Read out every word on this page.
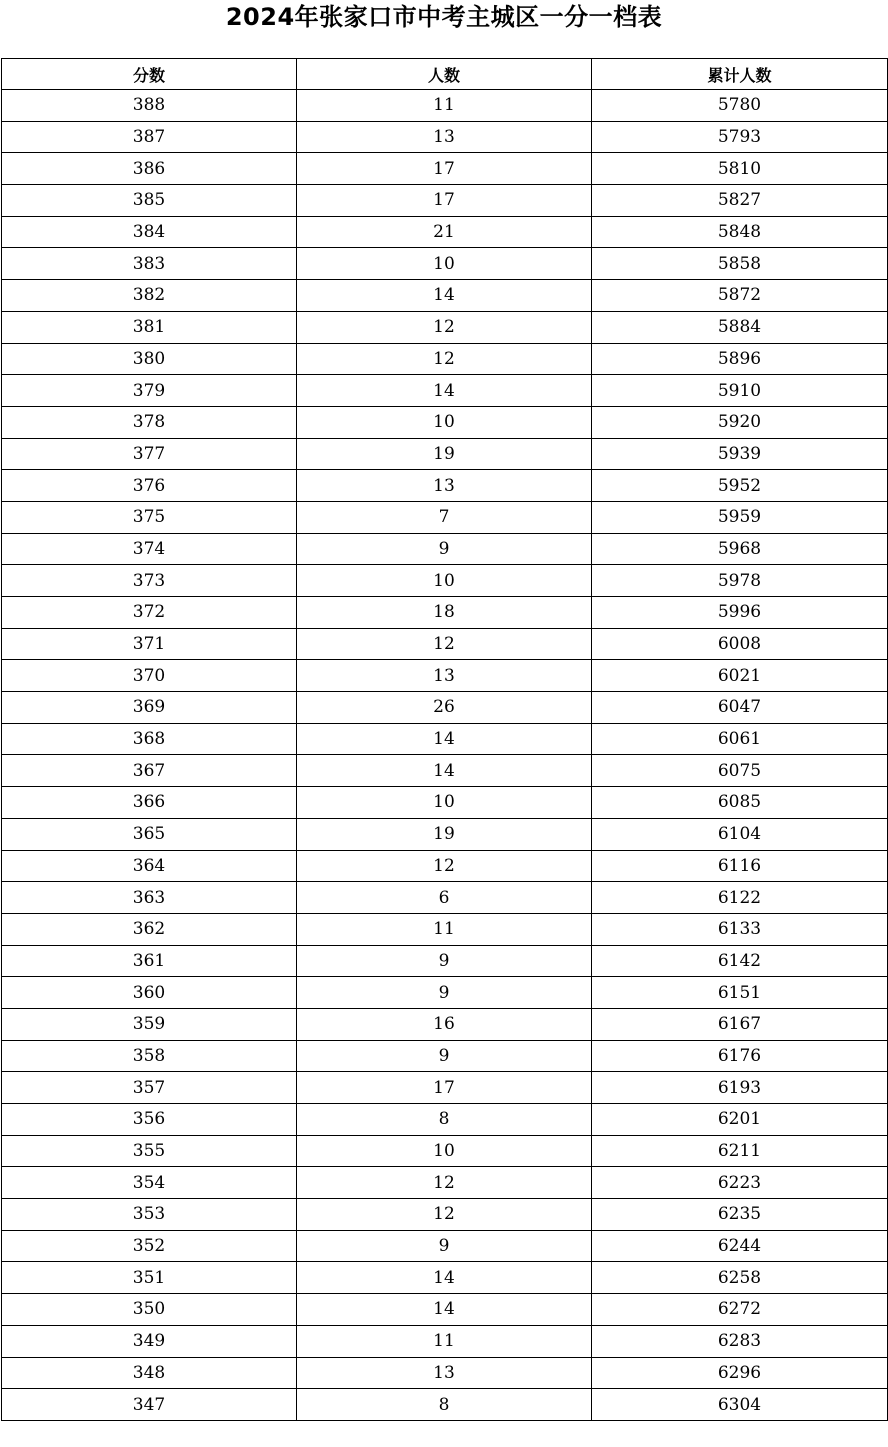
2024年张家口市中考主城区一分一档表
分数	人数	累计人数
388	11	5780
387	13	5793
386	17	5810
385	17	5827
384	21	5848
383	10	5858
382	14	5872
381	12	5884
380	12	5896
379	14	5910
378	10	5920
377	19	5939
376	13	5952
375	7	5959
374	9	5968
373	10	5978
372	18	5996
371	12	6008
370	13	6021
369	26	6047
368	14	6061
367	14	6075
366	10	6085
365	19	6104
364	12	6116
363	6	6122
362	11	6133
361	9	6142
360	9	6151
359	16	6167
358	9	6176
357	17	6193
356	8	6201
355	10	6211
354	12	6223
353	12	6235
352	9	6244
351	14	6258
350	14	6272
349	11	6283
348	13	6296
347	8	6304
